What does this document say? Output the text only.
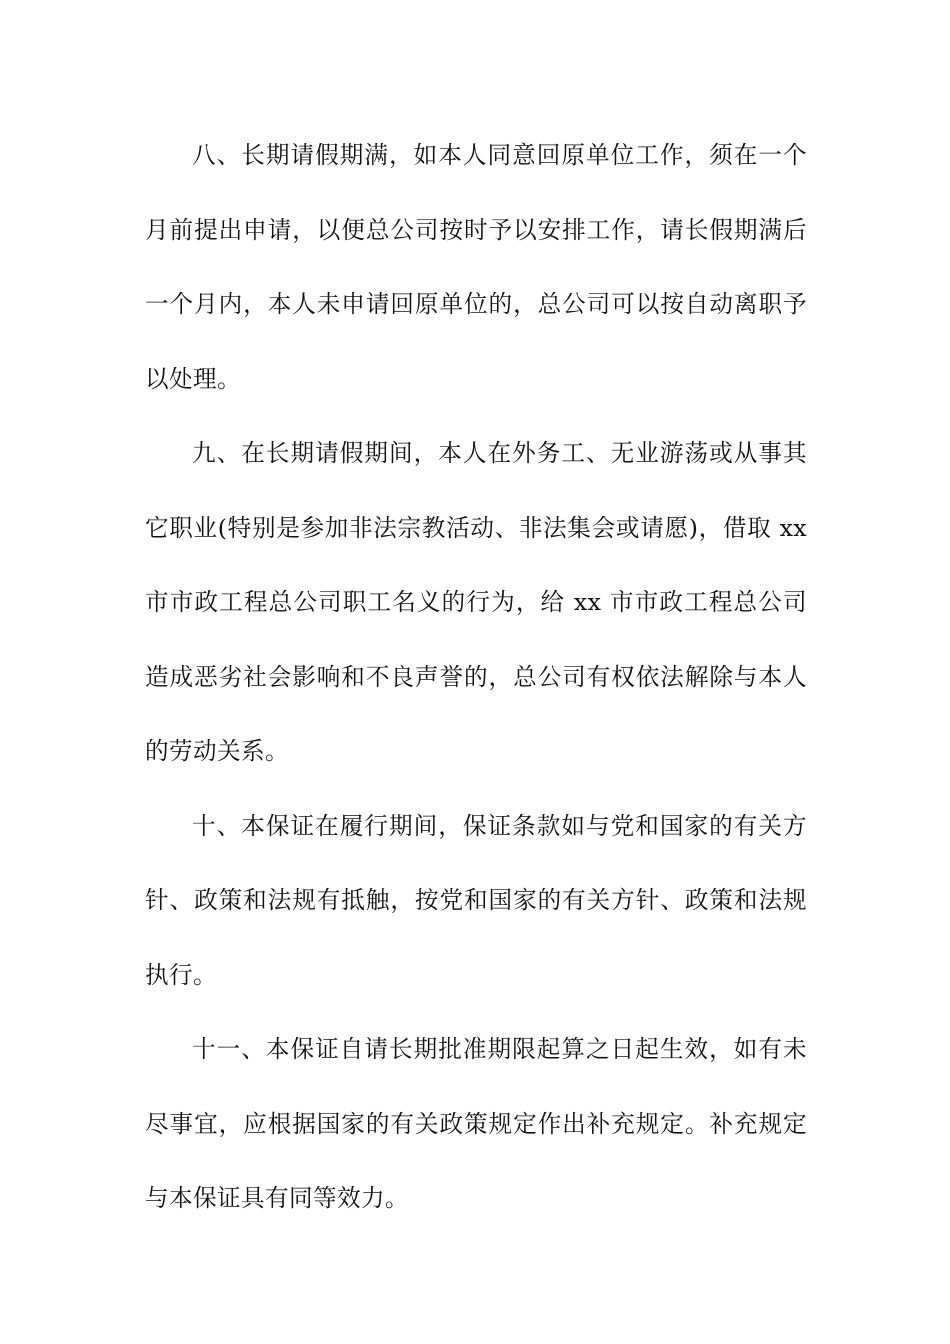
八、长期请假期满，如本人同意回原单位工作，须在一个月前提出申请，以便总公司按时予以安排工作，请长假期满后一个月内，本人未申请回原单位的，总公司可以按自动离职予以处理。

九、在长期请假期间，本人在外务工、无业游荡或从事其它职业(特别是参加非法宗教活动、非法集会或请愿)，借取 xx 市市政工程总公司职工名义的行为，给 xx 市市政工程总公司造成恶劣社会影响和不良声誉的，总公司有权依法解除与本人的劳动关系。

十、本保证在履行期间，保证条款如与党和国家的有关方针、政策和法规有抵触，按党和国家的有关方针、政策和法规执行。

十一、本保证自请长期批准期限起算之日起生效，如有未尽事宜，应根据国家的有关政策规定作出补充规定。补充规定与本保证具有同等效力。
